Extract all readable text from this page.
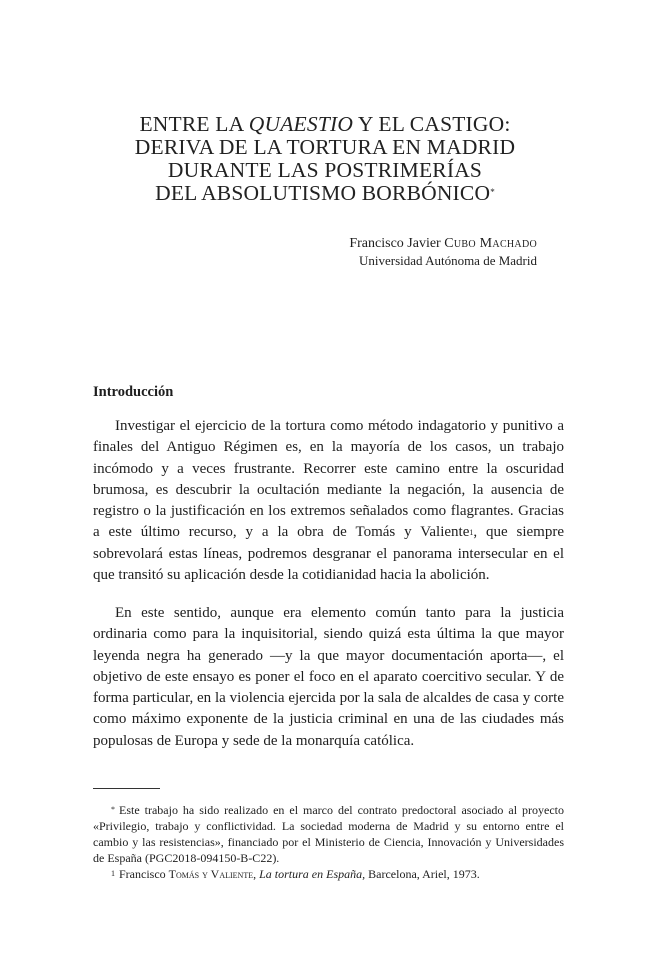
ENTRE LA QUAESTIO Y EL CASTIGO:
DERIVA DE LA TORTURA EN MADRID
DURANTE LAS POSTRIMERÍAS
DEL ABSOLUTISMO BORBÓNICO*
Francisco Javier Cubo Machado
Universidad Autónoma de Madrid
Introducción

Investigar el ejercicio de la tortura como método indagatorio y punitivo a finales del Antiguo Régimen es, en la mayoría de los casos, un trabajo incómodo y a veces frustrante. Recorrer este camino entre la oscuridad brumosa, es descubrir la ocultación mediante la negación, la ausencia de registro o la justificación en los extremos señalados como flagrantes. Gracias a este último recurso, y a la obra de Tomás y Valiente$^1$, que siempre sobrevolará estas líneas, podremos desgranar el panorama intersecular en el que transitó su aplicación desde la cotidianidad hacia la abolición.

En este sentido, aunque era elemento común tanto para la justicia ordinaria como para la inquisitorial, siendo quizá esta última la que mayor leyenda negra ha generado —y la que mayor documentación aporta—, el objetivo de este ensayo es poner el foco en el aparato coercitivo secular. Y de forma particular, en la violencia ejercida por la sala de alcaldes de casa y corte como máximo exponente de la justicia criminal en una de las ciudades más populosas de Europa y sede de la monarquía católica.

* Este trabajo ha sido realizado en el marco del contrato predoctoral asociado al proyecto «Privilegio, trabajo y conflictividad. La sociedad moderna de Madrid y su entorno entre el cambio y las resistencias», financiado por el Ministerio de Ciencia, Innovación y Universidades de España (PGC2018-094150-B-C22).

$^1$ Francisco Tomás y Valiente, La tortura en España, Barcelona, Ariel, 1973.
